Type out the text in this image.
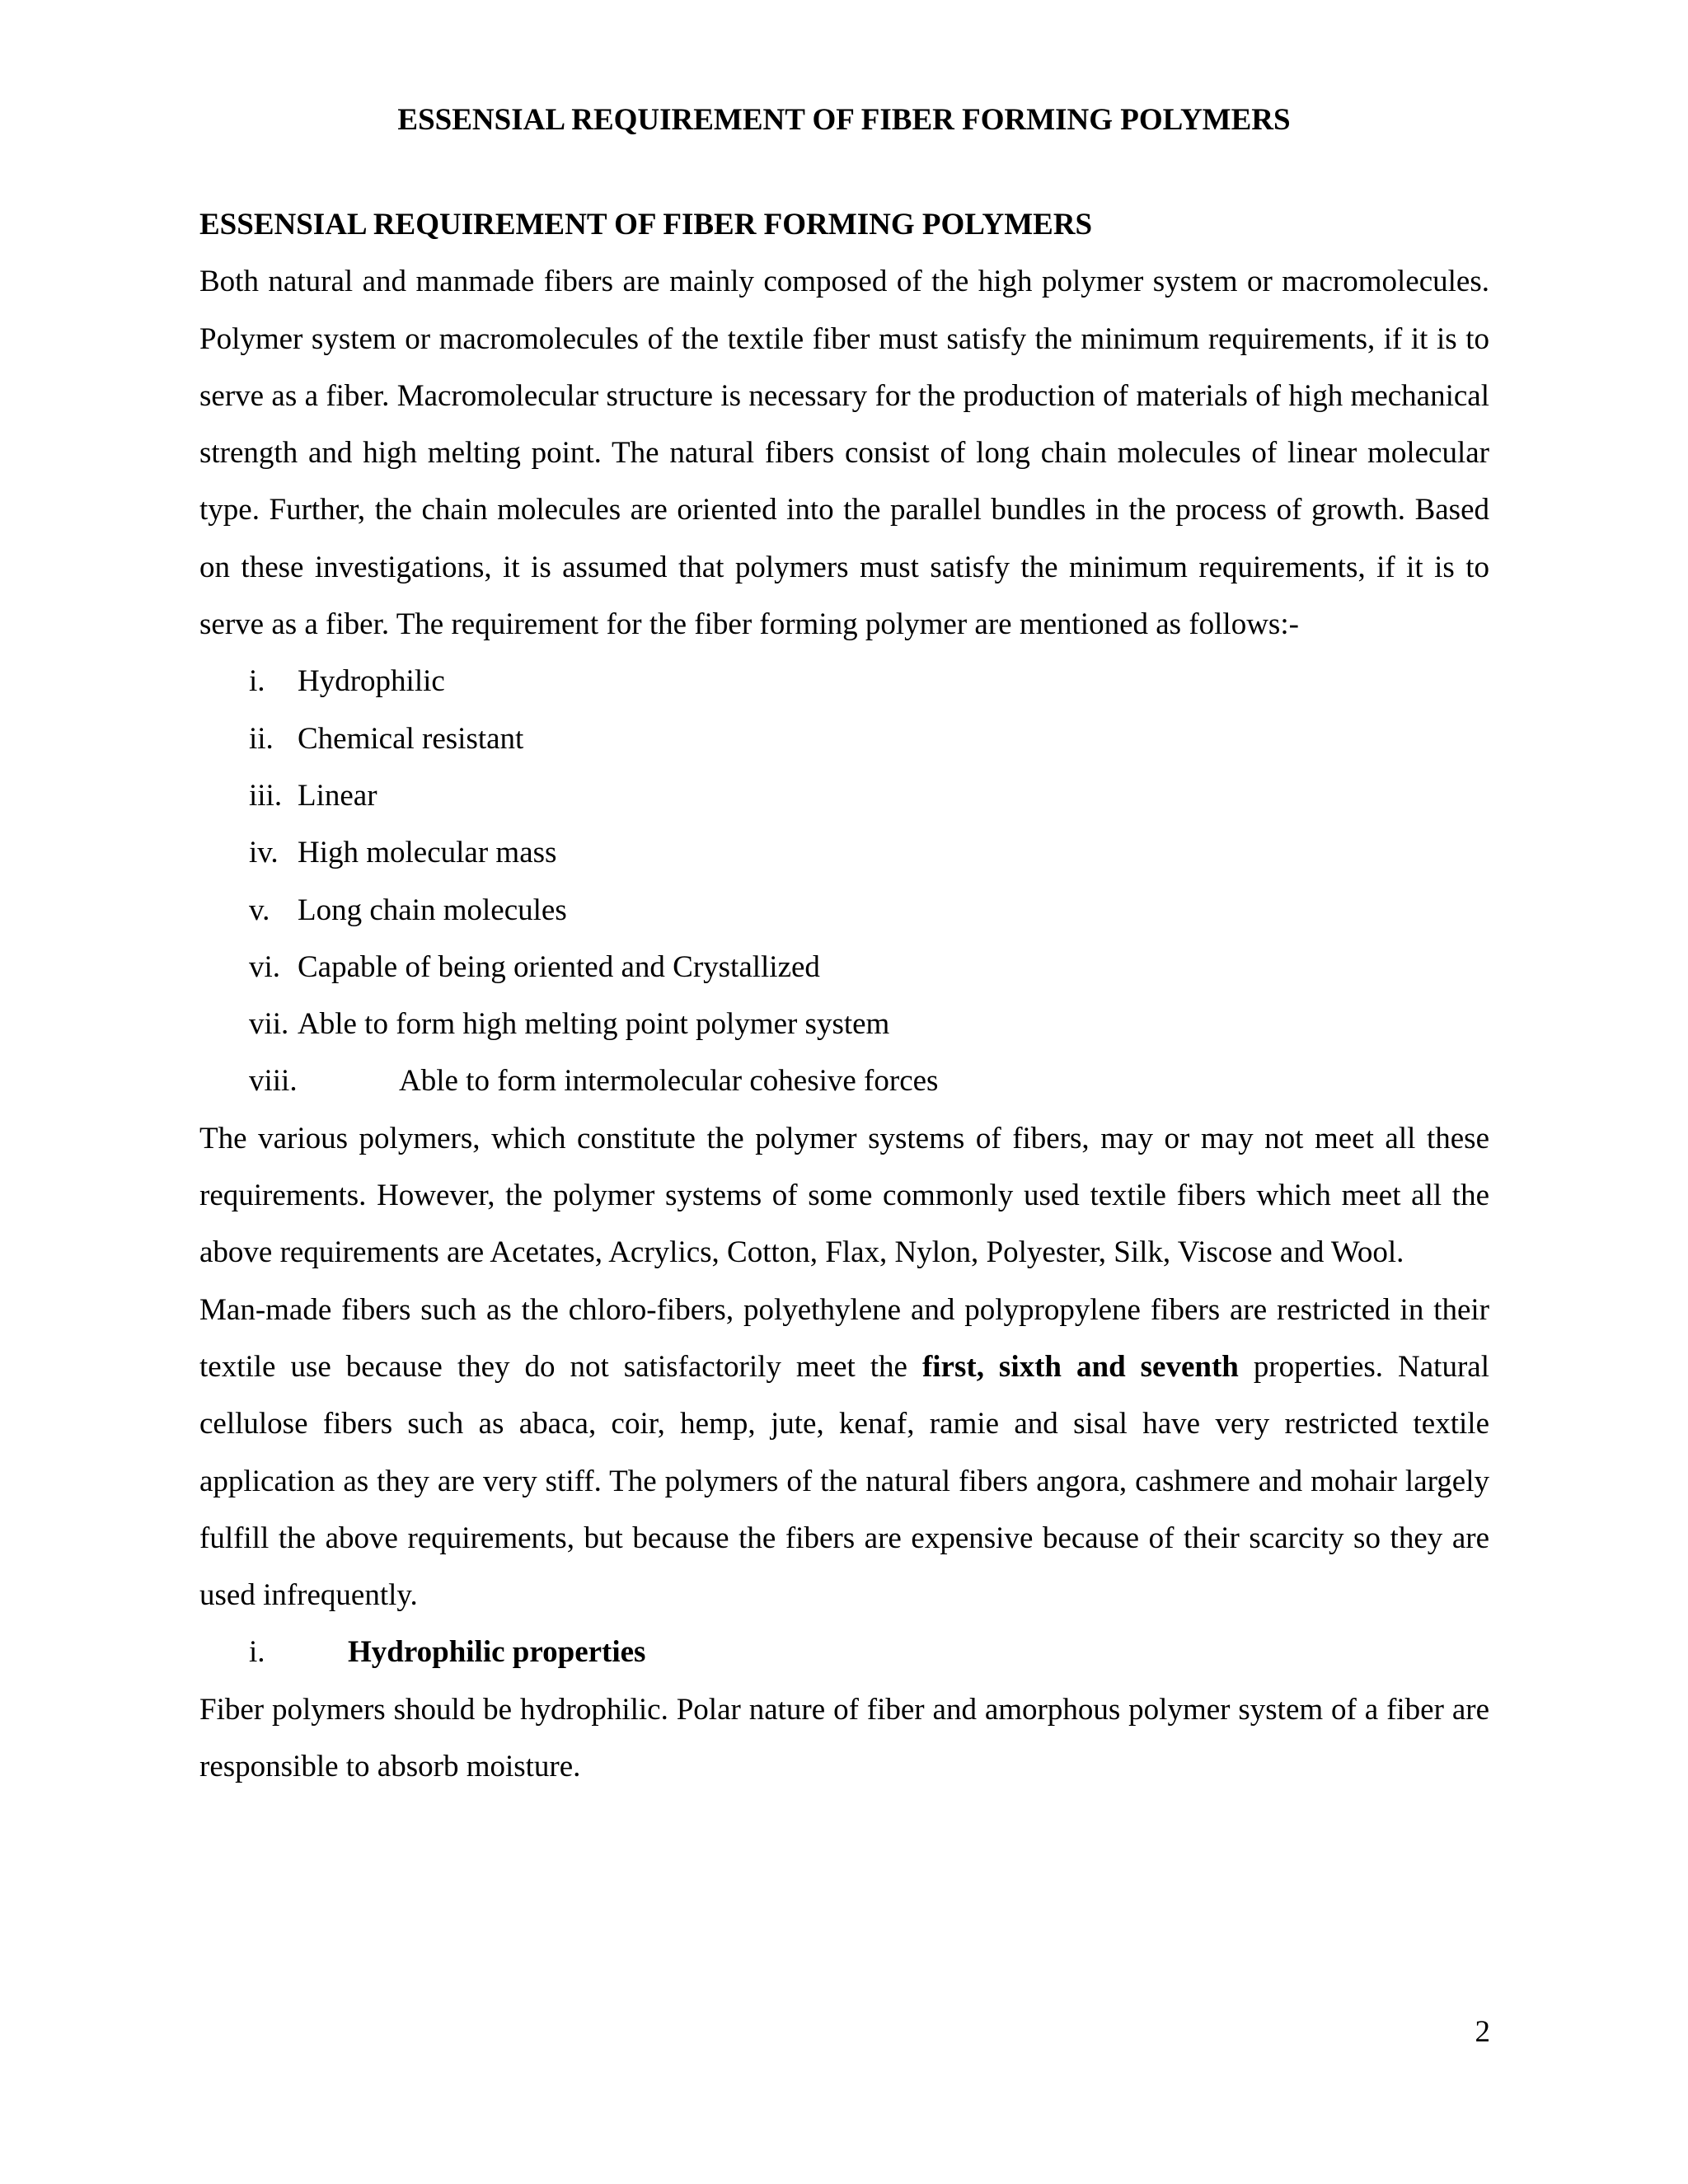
ESSENSIAL REQUIREMENT OF FIBER FORMING POLYMERS

ESSENSIAL REQUIREMENT OF FIBER FORMING POLYMERS

Both natural and manmade fibers are mainly composed of the high polymer system or macromolecules. Polymer system or macromolecules of the textile fiber must satisfy the minimum requirements, if it is to serve as a fiber. Macromolecular structure is necessary for the production of materials of high mechanical strength and high melting point. The natural fibers consist of long chain molecules of linear molecular type. Further, the chain molecules are oriented into the parallel bundles in the process of growth. Based on these investigations, it is assumed that polymers must satisfy the minimum requirements, if it is to serve as a fiber. The requirement for the fiber forming polymer are mentioned as follows:-

i.	Hydrophilic
ii. Chemical resistant
iii. Linear
iv. High molecular mass
v. Long chain molecules
vi. Capable of being oriented and Crystallized
vii. Able to form high melting point polymer system
viii.	Able to form intermolecular cohesive forces

The various polymers, which constitute the polymer systems of fibers, may or may not meet all these requirements. However, the polymer systems of some commonly used textile fibers which meet all the above requirements are Acetates, Acrylics, Cotton, Flax, Nylon, Polyester, Silk, Viscose and Wool.

Man-made fibers such as the chloro-fibers, polyethylene and polypropylene fibers are restricted in their textile use because they do not satisfactorily meet the first, sixth and seventh properties. Natural cellulose fibers such as abaca, coir, hemp, jute, kenaf, ramie and sisal have very restricted textile application as they are very stiff. The polymers of the natural fibers angora, cashmere and mohair largely fulfill the above requirements, but because the fibers are expensive because of their scarcity so they are used infrequently.

i.	Hydrophilic properties

Fiber polymers should be hydrophilic. Polar nature of fiber and amorphous polymer system of a fiber are responsible to absorb moisture.

2
